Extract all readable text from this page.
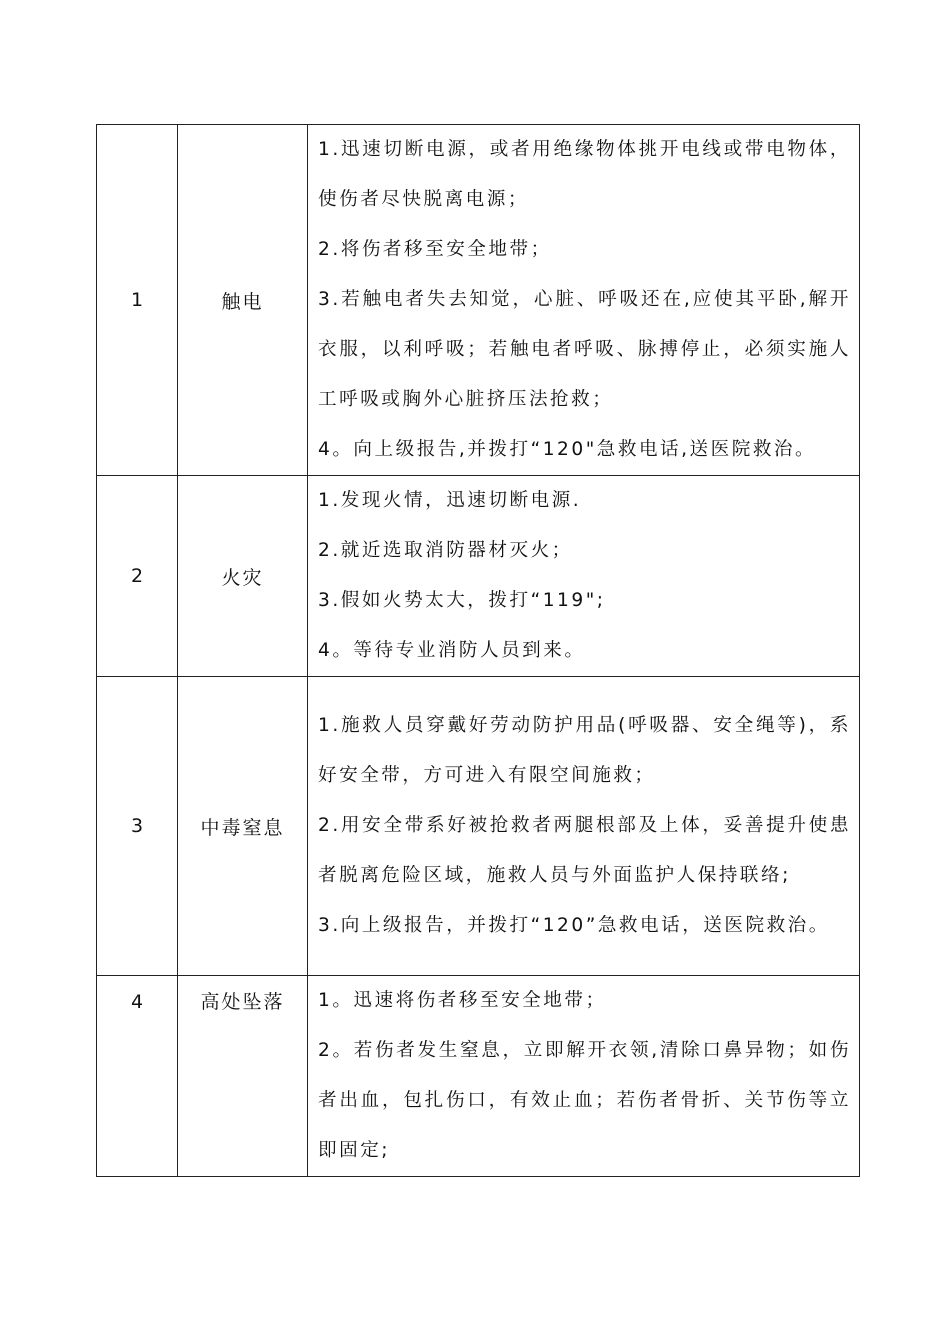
1	触电	1.迅速切断电源，或者用绝缘物体挑开电线或带电物体，使伤者尽快脱离电源；
2.将伤者移至安全地带；
3.若触电者失去知觉，心脏、呼吸还在,应使其平卧,解开衣服，以利呼吸；若触电者呼吸、脉搏停止，必须实施人工呼吸或胸外心脏挤压法抢救；
4。向上级报告,并拨打“120"急救电话,送医院救治。

2	火灾	1.发现火情，迅速切断电源.
2.就近选取消防器材灭火；
3.假如火势太大，拨打“119";
4。等待专业消防人员到来。

3	中毒窒息	1.施救人员穿戴好劳动防护用品(呼吸器、安全绳等)，系好安全带，方可进入有限空间施救；
2.用安全带系好被抢救者两腿根部及上体，妥善提升使患者脱离危险区域，施救人员与外面监护人保持联络;
3.向上级报告，并拨打“120”急救电话，送医院救治。

4	高处坠落	1。迅速将伤者移至安全地带；
2。若伤者发生窒息，立即解开衣领,清除口鼻异物；如伤者出血，包扎伤口，有效止血；若伤者骨折、关节伤等立即固定;
